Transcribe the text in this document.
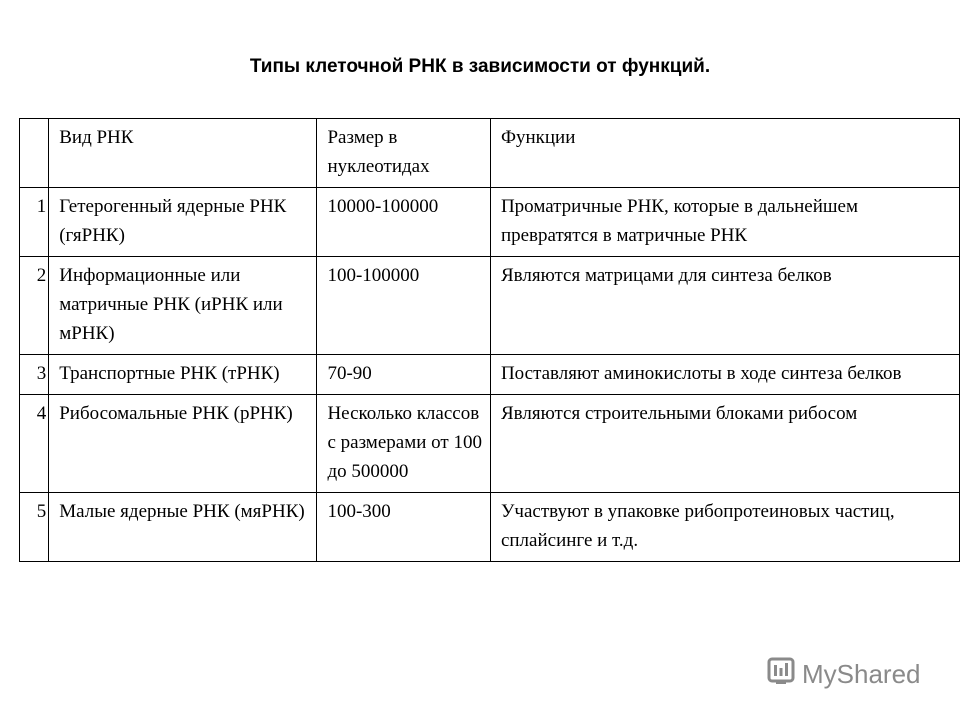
Типы клеточной РНК в зависимости от функций.
	Вид РНК	Размер в нуклеотидах	Функции
1	Гетерогенный ядерные РНК (гяРНК)	10000-100000	Проматричные РНК, которые в дальнейшем превратятся в матричные РНК
2	Информационные или матричные РНК (иРНК или мРНК)	100-100000	Являются матрицами для синтеза белков
3	Транспортные РНК (тРНК)	70-90	Поставляют аминокислоты в ходе синтеза белков
4	Рибосомальные РНК (рРНК)	Несколько классов с размерами от 100 до 500000	Являются строительными блоками рибосом
5	Малые ядерные РНК (мяРНК)	100-300	Участвуют в упаковке рибопротеиновых частиц, сплайсинге и т.д.
MyShared
